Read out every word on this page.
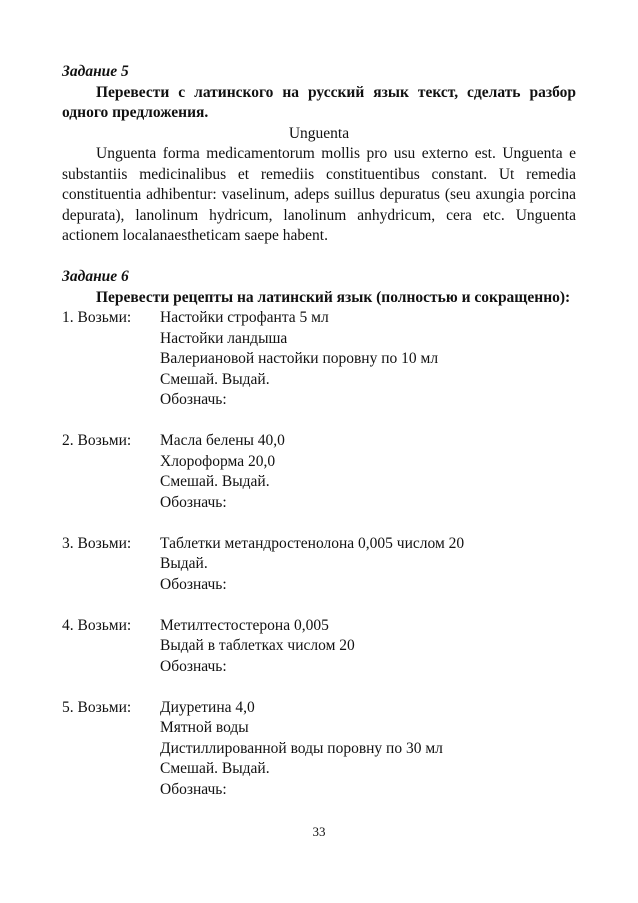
Задание 5

Перевести с латинского на русский язык текст, сделать разбор одного предложения.

Unguenta

Unguenta forma medicamentorum mollis pro usu externo est. Unguenta e substantiis medicinalibus et remediis constituentibus constant. Ut remedia constituentia adhibentur: vaselinum, adeps suillus depuratus (seu axungia porcina depurata), lanolinum hydricum, lanolinum anhydricum, cera etc. Unguenta actionem localanaestheticam saepe habent.

Задание 6

Перевести рецепты на латинский язык (полностью и сокращенно):

1. Возьми:	Настойки строфанта 5 мл
Настойки ландыша
Валериановой настойки поровну по 10 мл
Смешай. Выдай.
Обозначь:
2. Возьми:	Масла белены 40,0
Хлороформа 20,0
Смешай. Выдай.
Обозначь:
3. Возьми:	Таблетки метандростенолона 0,005 числом 20
Выдай.
Обозначь:
4. Возьми:	Метилтестостерона 0,005
Выдай в таблетках числом 20
Обозначь:
5. Возьми:	Диуретина 4,0
Мятной воды
Дистиллированной воды поровну по 30 мл
Смешай. Выдай.
Обозначь:
33
